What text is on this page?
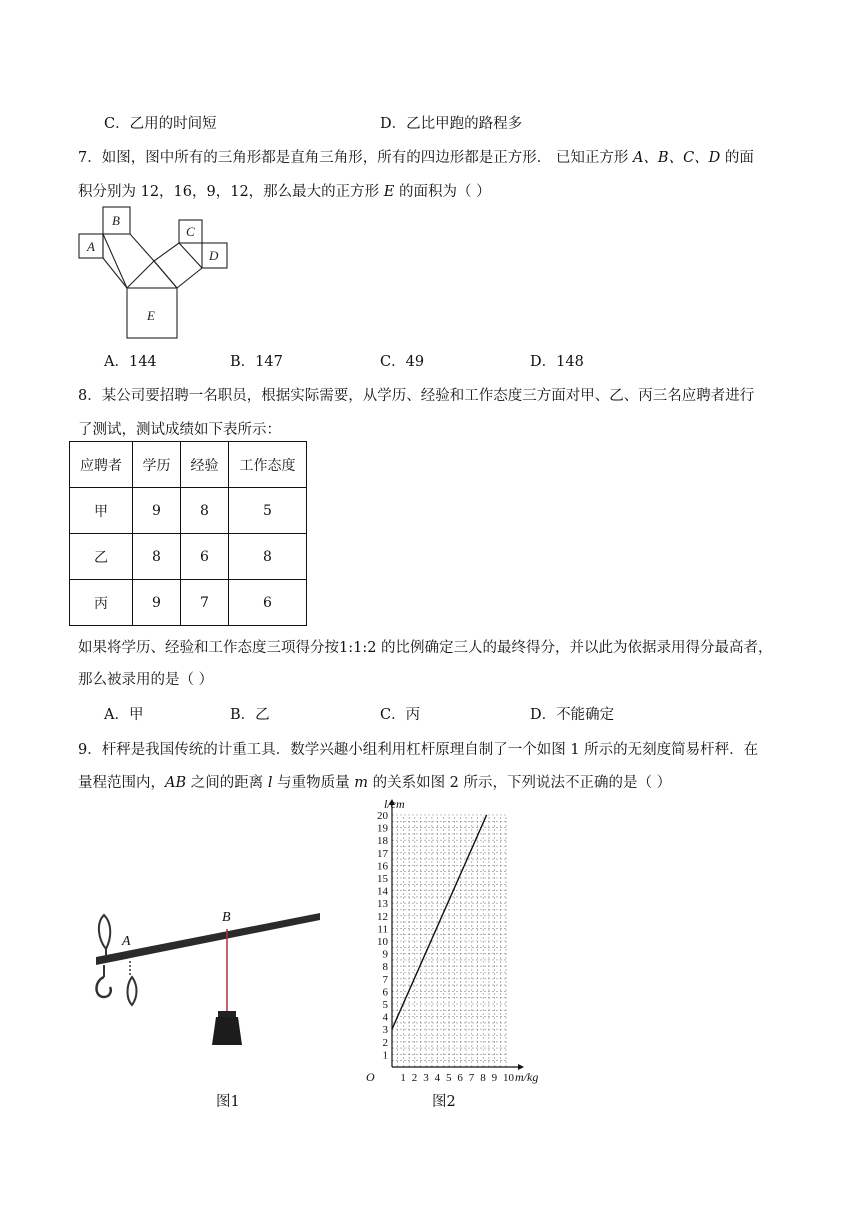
C．乙用的时间短	D．乙比甲跑的路程多
7．如图，图中所有的三角形都是直角三角形，所有的四边形都是正方形． 已知正方形 A、B、C、D 的面
积分别为 12，16，9，12，那么最大的正方形 E 的面积为（ ）
A
B
C
D
E
A．144	B．147	C．49	D．148
8．某公司要招聘一名职员，根据实际需要，从学历、经验和工作态度三方面对甲、乙、丙三名应聘者进行
了测试，测试成绩如下表所示：
应聘者	学历	经验	工作态度
甲	9	8	5
乙	8	6	8
丙	9	7	6
如果将学历、经验和工作态度三项得分按1:1:2 的比例确定三人的最终得分，并以此为依据录用得分最高者，
那么被录用的是（ ）
A．甲	B．乙	C．丙	D．不能确定
9．杆秤是我国传统的计重工具．数学兴趣小组利用杠杆原理自制了一个如图 1 所示的无刻度简易杆秤．在
量程范围内，AB 之间的距离 l 与重物质量 m 的关系如图 2 所示，下列说法不正确的是（ ）
A
B
图1
1 2 3 4 5 6 7 8 9 10
1
2
3
4
5
6
7
8
9
10
11
12
13
14
15
16
17
18
19
20
l/cm
m/kg
O
图2
